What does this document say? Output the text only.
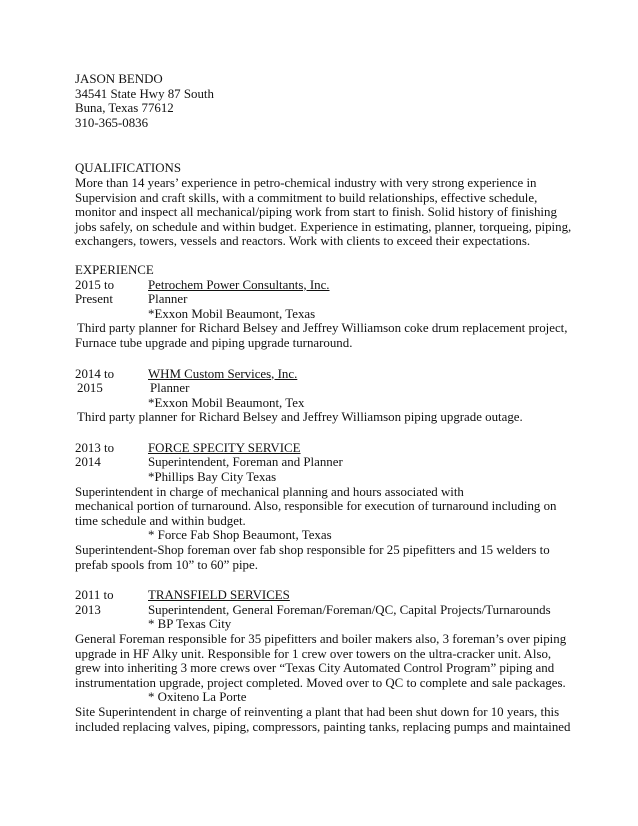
JASON BENDO
34541 State Hwy 87 South
Buna, Texas 77612
310-365-0836
QUALIFICATIONS
More than 14 years’ experience in petro-chemical industry with very strong experience in
Supervision and craft skills, with a commitment to build relationships, effective schedule,
monitor and inspect all mechanical/piping work from start to finish. Solid history of finishing
jobs safely, on schedule and within budget. Experience in estimating, planner, torqueing, piping,
exchangers, towers, vessels and reactors. Work with clients to exceed their expectations.
EXPERIENCE
2015 to	Petrochem Power Consultants, Inc.
Present	Planner
*Exxon Mobil Beaumont, Texas
Third party planner for Richard Belsey and Jeffrey Williamson coke drum replacement project,
Furnace tube upgrade and piping upgrade turnaround.
2014 to	WHM Custom Services, Inc.
2015	Planner
*Exxon Mobil Beaumont, Tex
Third party planner for Richard Belsey and Jeffrey Williamson piping upgrade outage.
2013 to	FORCE SPECITY SERVICE
2014	Superintendent, Foreman and Planner
*Phillips Bay City Texas
Superintendent in charge of mechanical planning and hours associated with
mechanical portion of turnaround. Also, responsible for execution of turnaround including on
time schedule and within budget.
* Force Fab Shop Beaumont, Texas
Superintendent-Shop foreman over fab shop responsible for 25 pipefitters and 15 welders to
prefab spools from 10” to 60” pipe.
2011 to	TRANSFIELD SERVICES
2013	Superintendent, General Foreman/Foreman/QC, Capital Projects/Turnarounds
* BP Texas City
General Foreman responsible for 35 pipefitters and boiler makers also, 3 foreman’s over piping
upgrade in HF Alky unit. Responsible for 1 crew over towers on the ultra-cracker unit. Also,
grew into inheriting 3 more crews over “Texas City Automated Control Program” piping and
instrumentation upgrade, project completed. Moved over to QC to complete and sale packages.
* Oxiteno La Porte
Site Superintendent in charge of reinventing a plant that had been shut down for 10 years, this
included replacing valves, piping, compressors, painting tanks, replacing pumps and maintained
